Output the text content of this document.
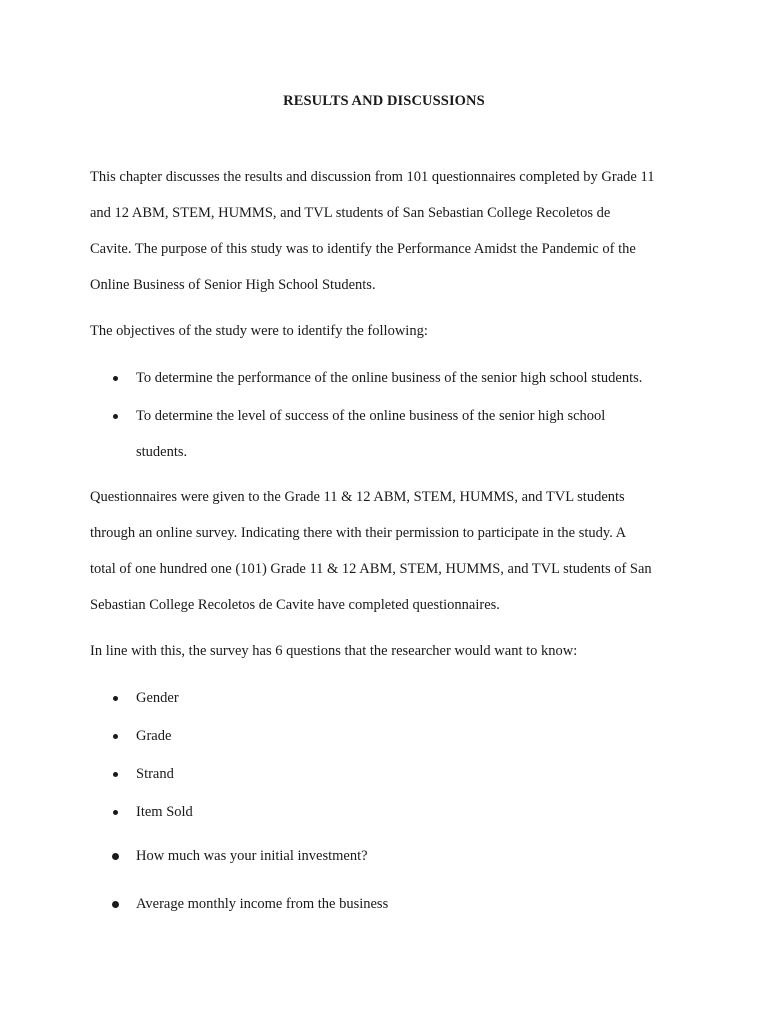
RESULTS AND DISCUSSIONS

This chapter discusses the results and discussion from 101 questionnaires completed by Grade 11
and 12 ABM, STEM, HUMMS, and TVL students of San Sebastian College Recoletos de
Cavite. The purpose of this study was to identify the Performance Amidst the Pandemic of the
Online Business of Senior High School Students.

The objectives of the study were to identify the following:

To determine the performance of the online business of the senior high school students.
To determine the level of success of the online business of the senior high school
students.

Questionnaires were given to the Grade 11 & 12 ABM, STEM, HUMMS, and TVL students
through an online survey. Indicating there with their permission to participate in the study. A
total of one hundred one (101) Grade 11 & 12 ABM, STEM, HUMMS, and TVL students of San
Sebastian College Recoletos de Cavite have completed questionnaires.

In line with this, the survey has 6 questions that the researcher would want to know:

Gender
Grade
Strand
Item Sold
How much was your initial investment?
Average monthly income from the business
